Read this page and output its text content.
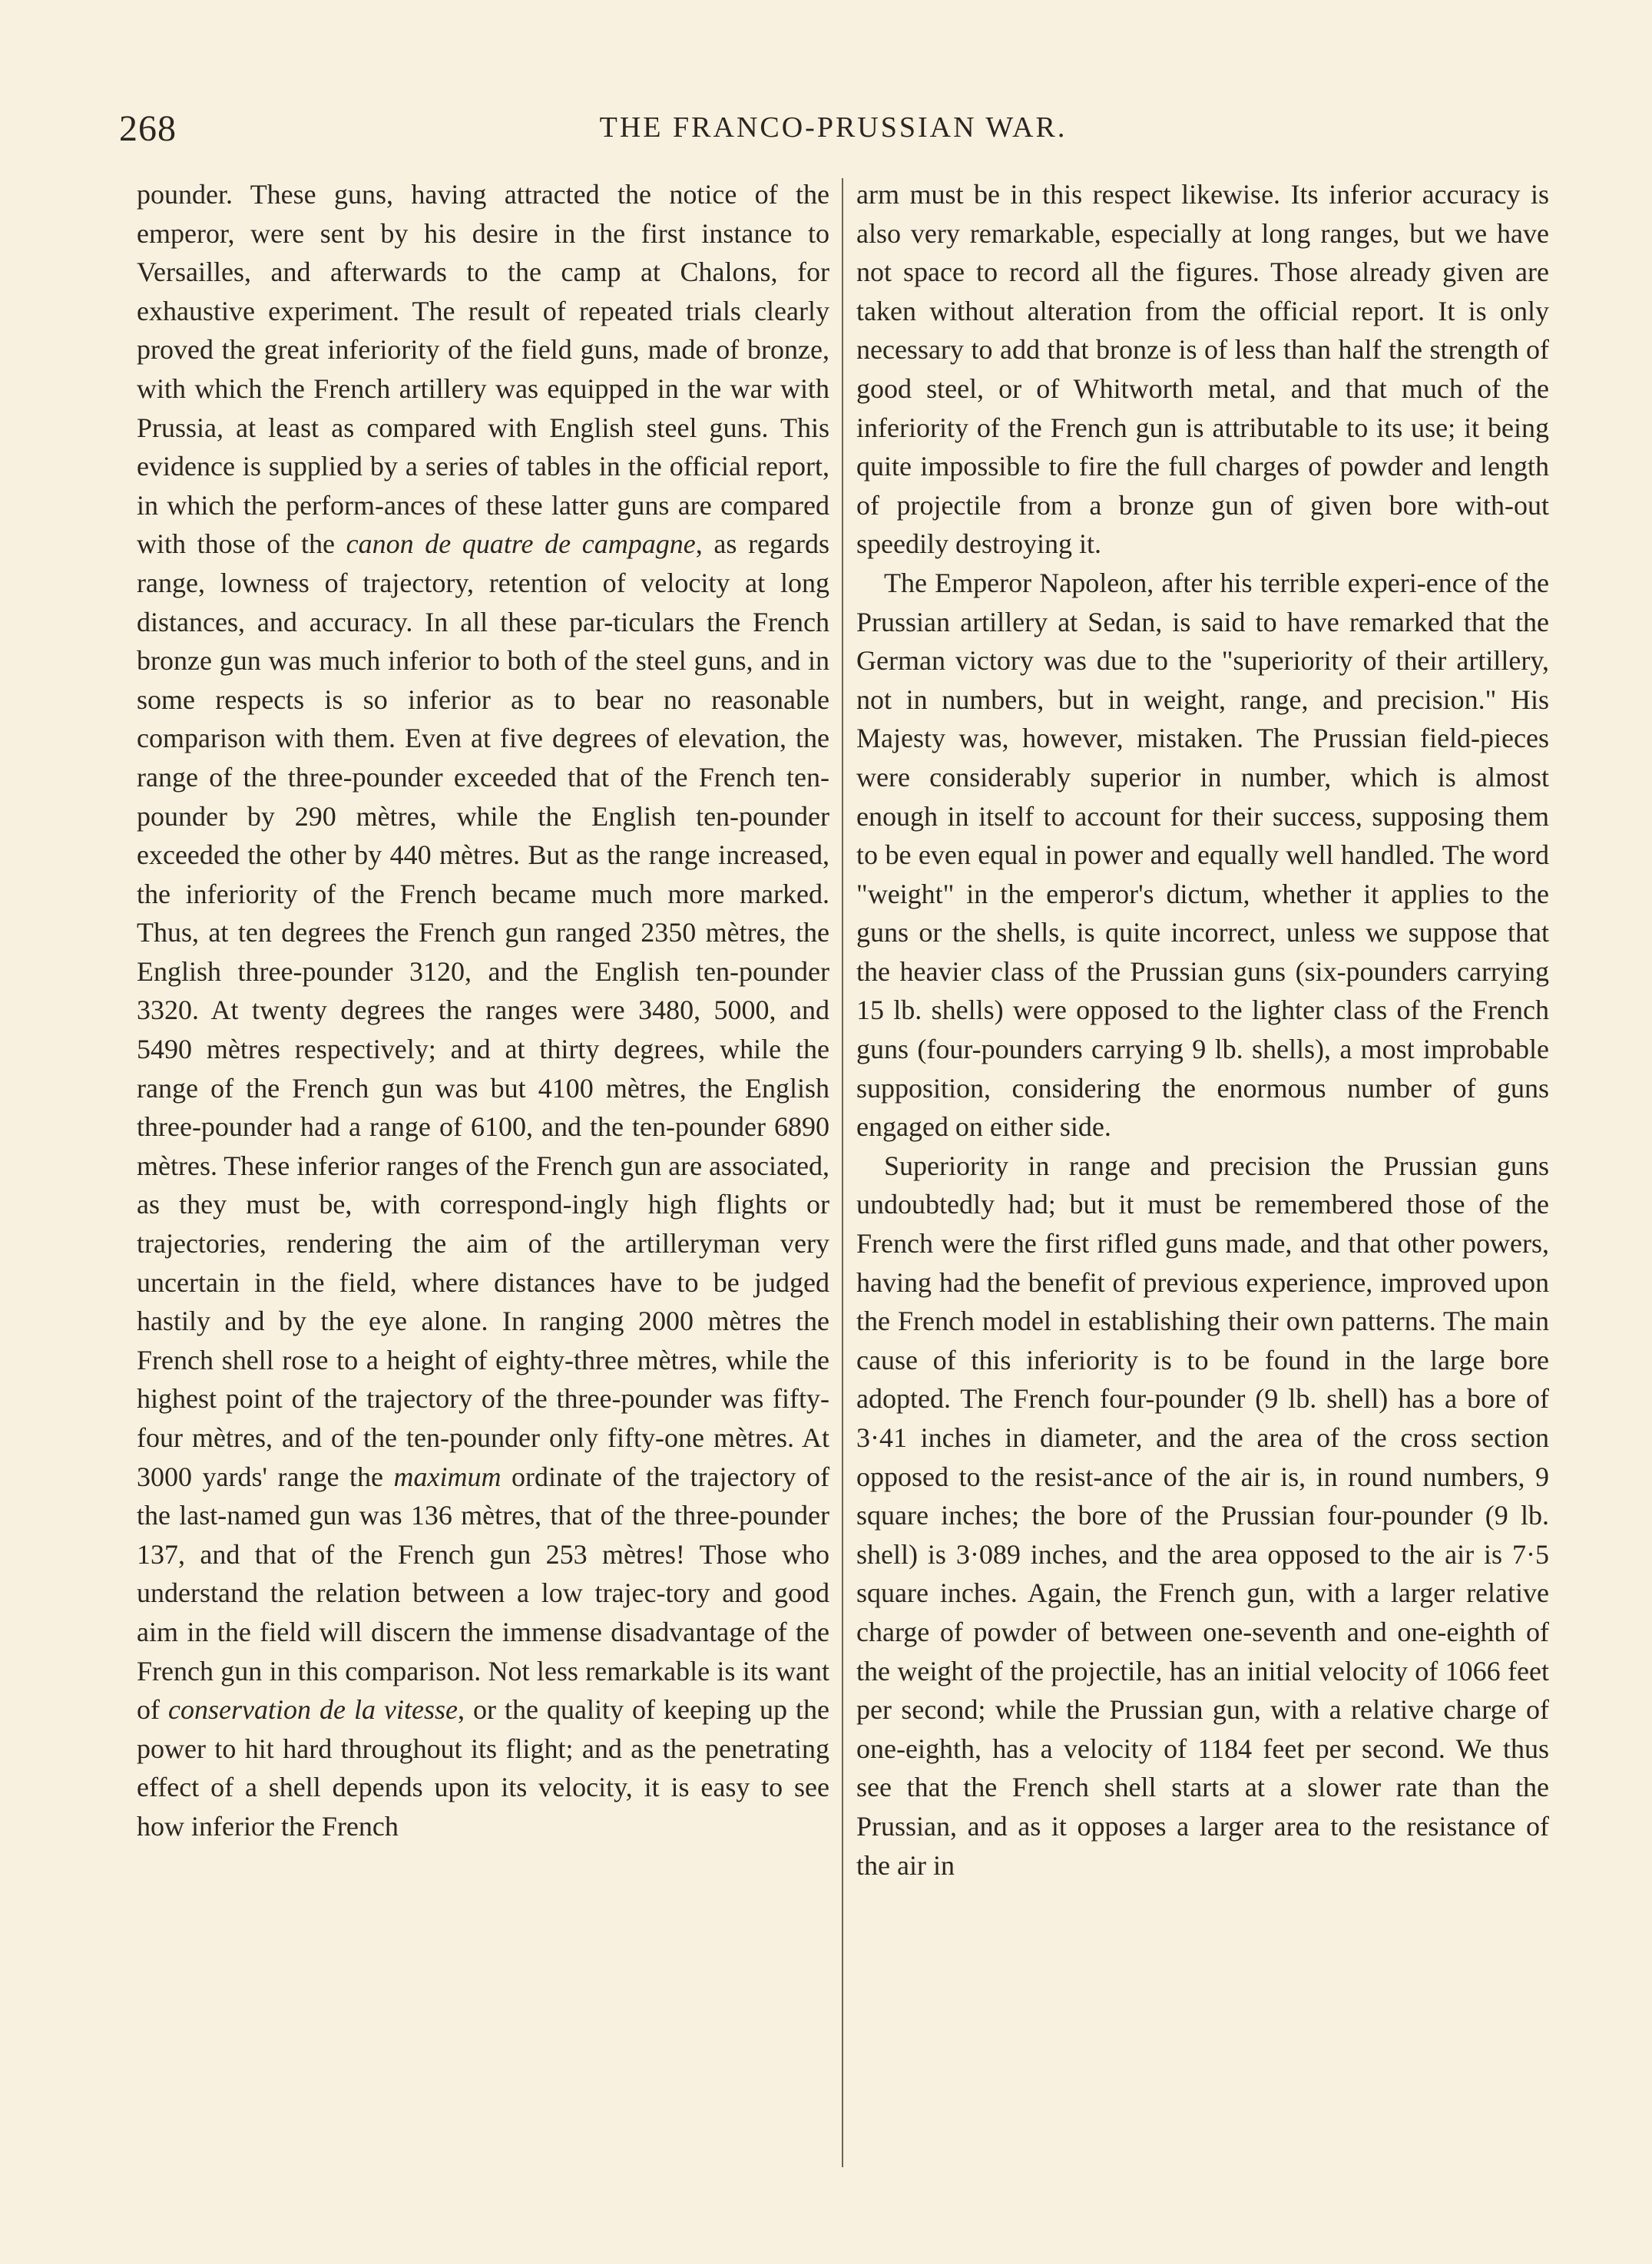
268	THE FRANCO-PRUSSIAN WAR.

pounder. These guns, having attracted the notice of the emperor, were sent by his desire in the first instance to Versailles, and afterwards to the camp at Chalons, for exhaustive experiment. The result of repeated trials clearly proved the great inferiority of the field guns, made of bronze, with which the French artillery was equipped in the war with Prussia, at least as compared with English steel guns. This evidence is supplied by a series of tables in the official report, in which the perform-ances of these latter guns are compared with those of the canon de quatre de campagne, as regards range, lowness of trajectory, retention of velocity at long distances, and accuracy. In all these par-ticulars the French bronze gun was much inferior to both of the steel guns, and in some respects is so inferior as to bear no reasonable comparison with them. Even at five degrees of elevation, the range of the three-pounder exceeded that of the French ten-pounder by 290 mètres, while the English ten-pounder exceeded the other by 440 mètres. But as the range increased, the inferiority of the French became much more marked. Thus, at ten degrees the French gun ranged 2350 mètres, the English three-pounder 3120, and the English ten-pounder 3320. At twenty degrees the ranges were 3480, 5000, and 5490 mètres respectively; and at thirty degrees, while the range of the French gun was but 4100 mètres, the English three-pounder had a range of 6100, and the ten-pounder 6890 mètres. These inferior ranges of the French gun are associated, as they must be, with correspond-ingly high flights or trajectories, rendering the aim of the artilleryman very uncertain in the field, where distances have to be judged hastily and by the eye alone. In ranging 2000 mètres the French shell rose to a height of eighty-three mètres, while the highest point of the trajectory of the three-pounder was fifty-four mètres, and of the ten-pounder only fifty-one mètres. At 3000 yards' range the maximum ordinate of the trajectory of the last-named gun was 136 mètres, that of the three-pounder 137, and that of the French gun 253 mètres! Those who understand the relation between a low trajec-tory and good aim in the field will discern the immense disadvantage of the French gun in this comparison. Not less remarkable is its want of conservation de la vitesse, or the quality of keeping up the power to hit hard throughout its flight; and as the penetrating effect of a shell depends upon its velocity, it is easy to see how inferior the French

arm must be in this respect likewise. Its inferior accuracy is also very remarkable, especially at long ranges, but we have not space to record all the figures. Those already given are taken without alteration from the official report. It is only necessary to add that bronze is of less than half the strength of good steel, or of Whitworth metal, and that much of the inferiority of the French gun is attributable to its use; it being quite impossible to fire the full charges of powder and length of projectile from a bronze gun of given bore with-out speedily destroying it.

The Emperor Napoleon, after his terrible experi-ence of the Prussian artillery at Sedan, is said to have remarked that the German victory was due to the "superiority of their artillery, not in numbers, but in weight, range, and precision." His Majesty was, however, mistaken. The Prussian field-pieces were considerably superior in number, which is almost enough in itself to account for their success, supposing them to be even equal in power and equally well handled. The word "weight" in the emperor's dictum, whether it applies to the guns or the shells, is quite incorrect, unless we suppose that the heavier class of the Prussian guns (six-pounders carrying 15 lb. shells) were opposed to the lighter class of the French guns (four-pounders carrying 9 lb. shells), a most improbable supposition, considering the enormous number of guns engaged on either side.

Superiority in range and precision the Prussian guns undoubtedly had; but it must be remembered those of the French were the first rifled guns made, and that other powers, having had the benefit of previous experience, improved upon the French model in establishing their own patterns. The main cause of this inferiority is to be found in the large bore adopted. The French four-pounder (9 lb. shell) has a bore of 3·41 inches in diameter, and the area of the cross section opposed to the resist-ance of the air is, in round numbers, 9 square inches; the bore of the Prussian four-pounder (9 lb. shell) is 3·089 inches, and the area opposed to the air is 7·5 square inches. Again, the French gun, with a larger relative charge of powder of between one-seventh and one-eighth of the weight of the projectile, has an initial velocity of 1066 feet per second; while the Prussian gun, with a relative charge of one-eighth, has a velocity of 1184 feet per second. We thus see that the French shell starts at a slower rate than the Prussian, and as it opposes a larger area to the resistance of the air in
